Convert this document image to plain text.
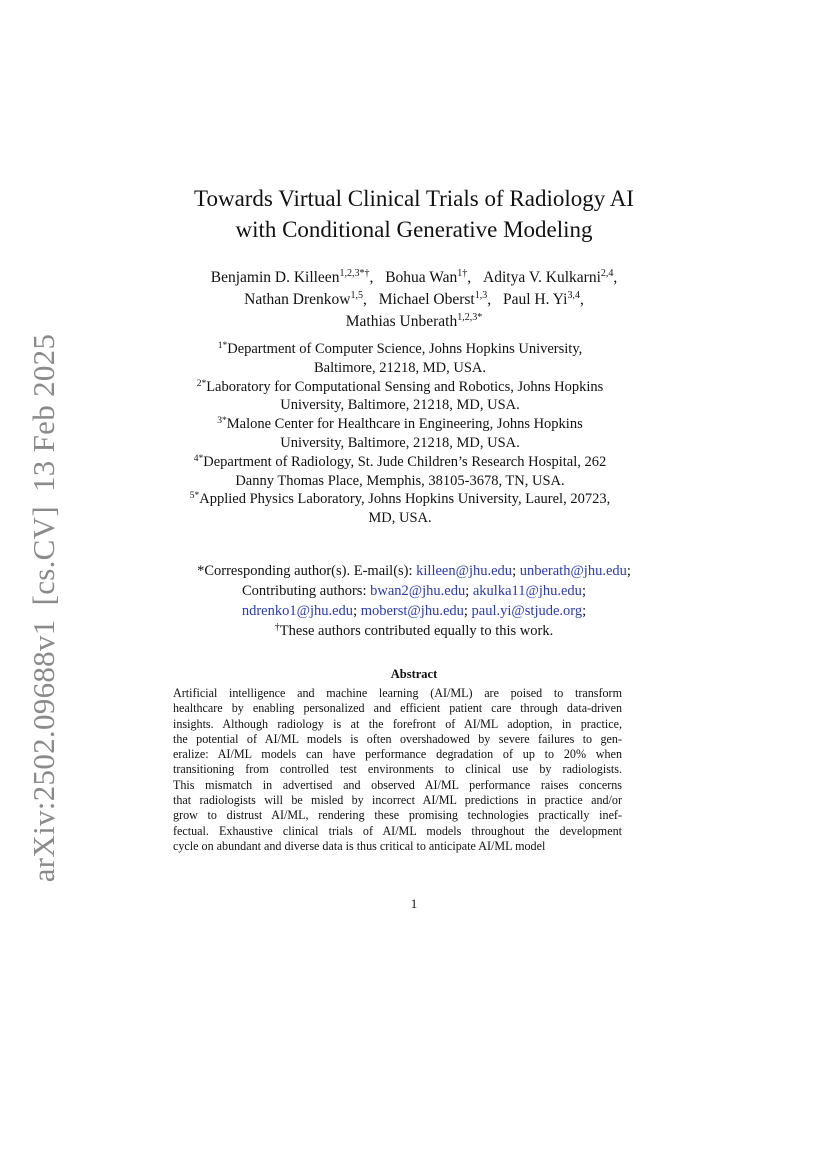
arXiv:2502.09688v1[cs.CV]13 Feb 2025
Towards Virtual Clinical Trials of Radiology AI
with Conditional Generative Modeling
Benjamin D. Killeen$^{1,2,3*\dagger}$, Bohua Wan$^{1\dagger}$, Aditya V. Kulkarni$^{2,4}$,
Nathan Drenkow$^{1,5}$, Michael Oberst$^{1,3}$, Paul H. Yi$^{3,4}$,
Mathias Unberath$^{1,2,3*}$
$^{1*}$Department of Computer Science, Johns Hopkins University,
Baltimore, 21218, MD, USA.
$^{2*}$Laboratory for Computational Sensing and Robotics, Johns Hopkins
University, Baltimore, 21218, MD, USA.
$^{3*}$Malone Center for Healthcare in Engineering, Johns Hopkins
University, Baltimore, 21218, MD, USA.
$^{4*}$Department of Radiology, St. Jude Children’s Research Hospital, 262
Danny Thomas Place, Memphis, 38105-3678, TN, USA.
$^{5*}$Applied Physics Laboratory, Johns Hopkins University, Laurel, 20723,
MD, USA.
*Corresponding author(s). E-mail(s): killeen@jhu.edu; unberath@jhu.edu;
Contributing authors: bwan2@jhu.edu; akulka11@jhu.edu;
ndrenko1@jhu.edu; moberst@jhu.edu; paul.yi@stjude.org;
†These authors contributed equally to this work.
Abstract
Artificial intelligence and machine learning (AI/ML) are poised to transform
healthcare by enabling personalized and efficient patient care through data-driven
insights. Although radiology is at the forefront of AI/ML adoption, in practice,
the potential of AI/ML models is often overshadowed by severe failures to gen-
eralize: AI/ML models can have performance degradation of up to 20% when
transitioning from controlled test environments to clinical use by radiologists.
This mismatch in advertised and observed AI/ML performance raises concerns
that radiologists will be misled by incorrect AI/ML predictions in practice and/or
grow to distrust AI/ML, rendering these promising technologies practically inef-
fectual. Exhaustive clinical trials of AI/ML models throughout the development
cycle on abundant and diverse data is thus critical to anticipate AI/ML model
1
